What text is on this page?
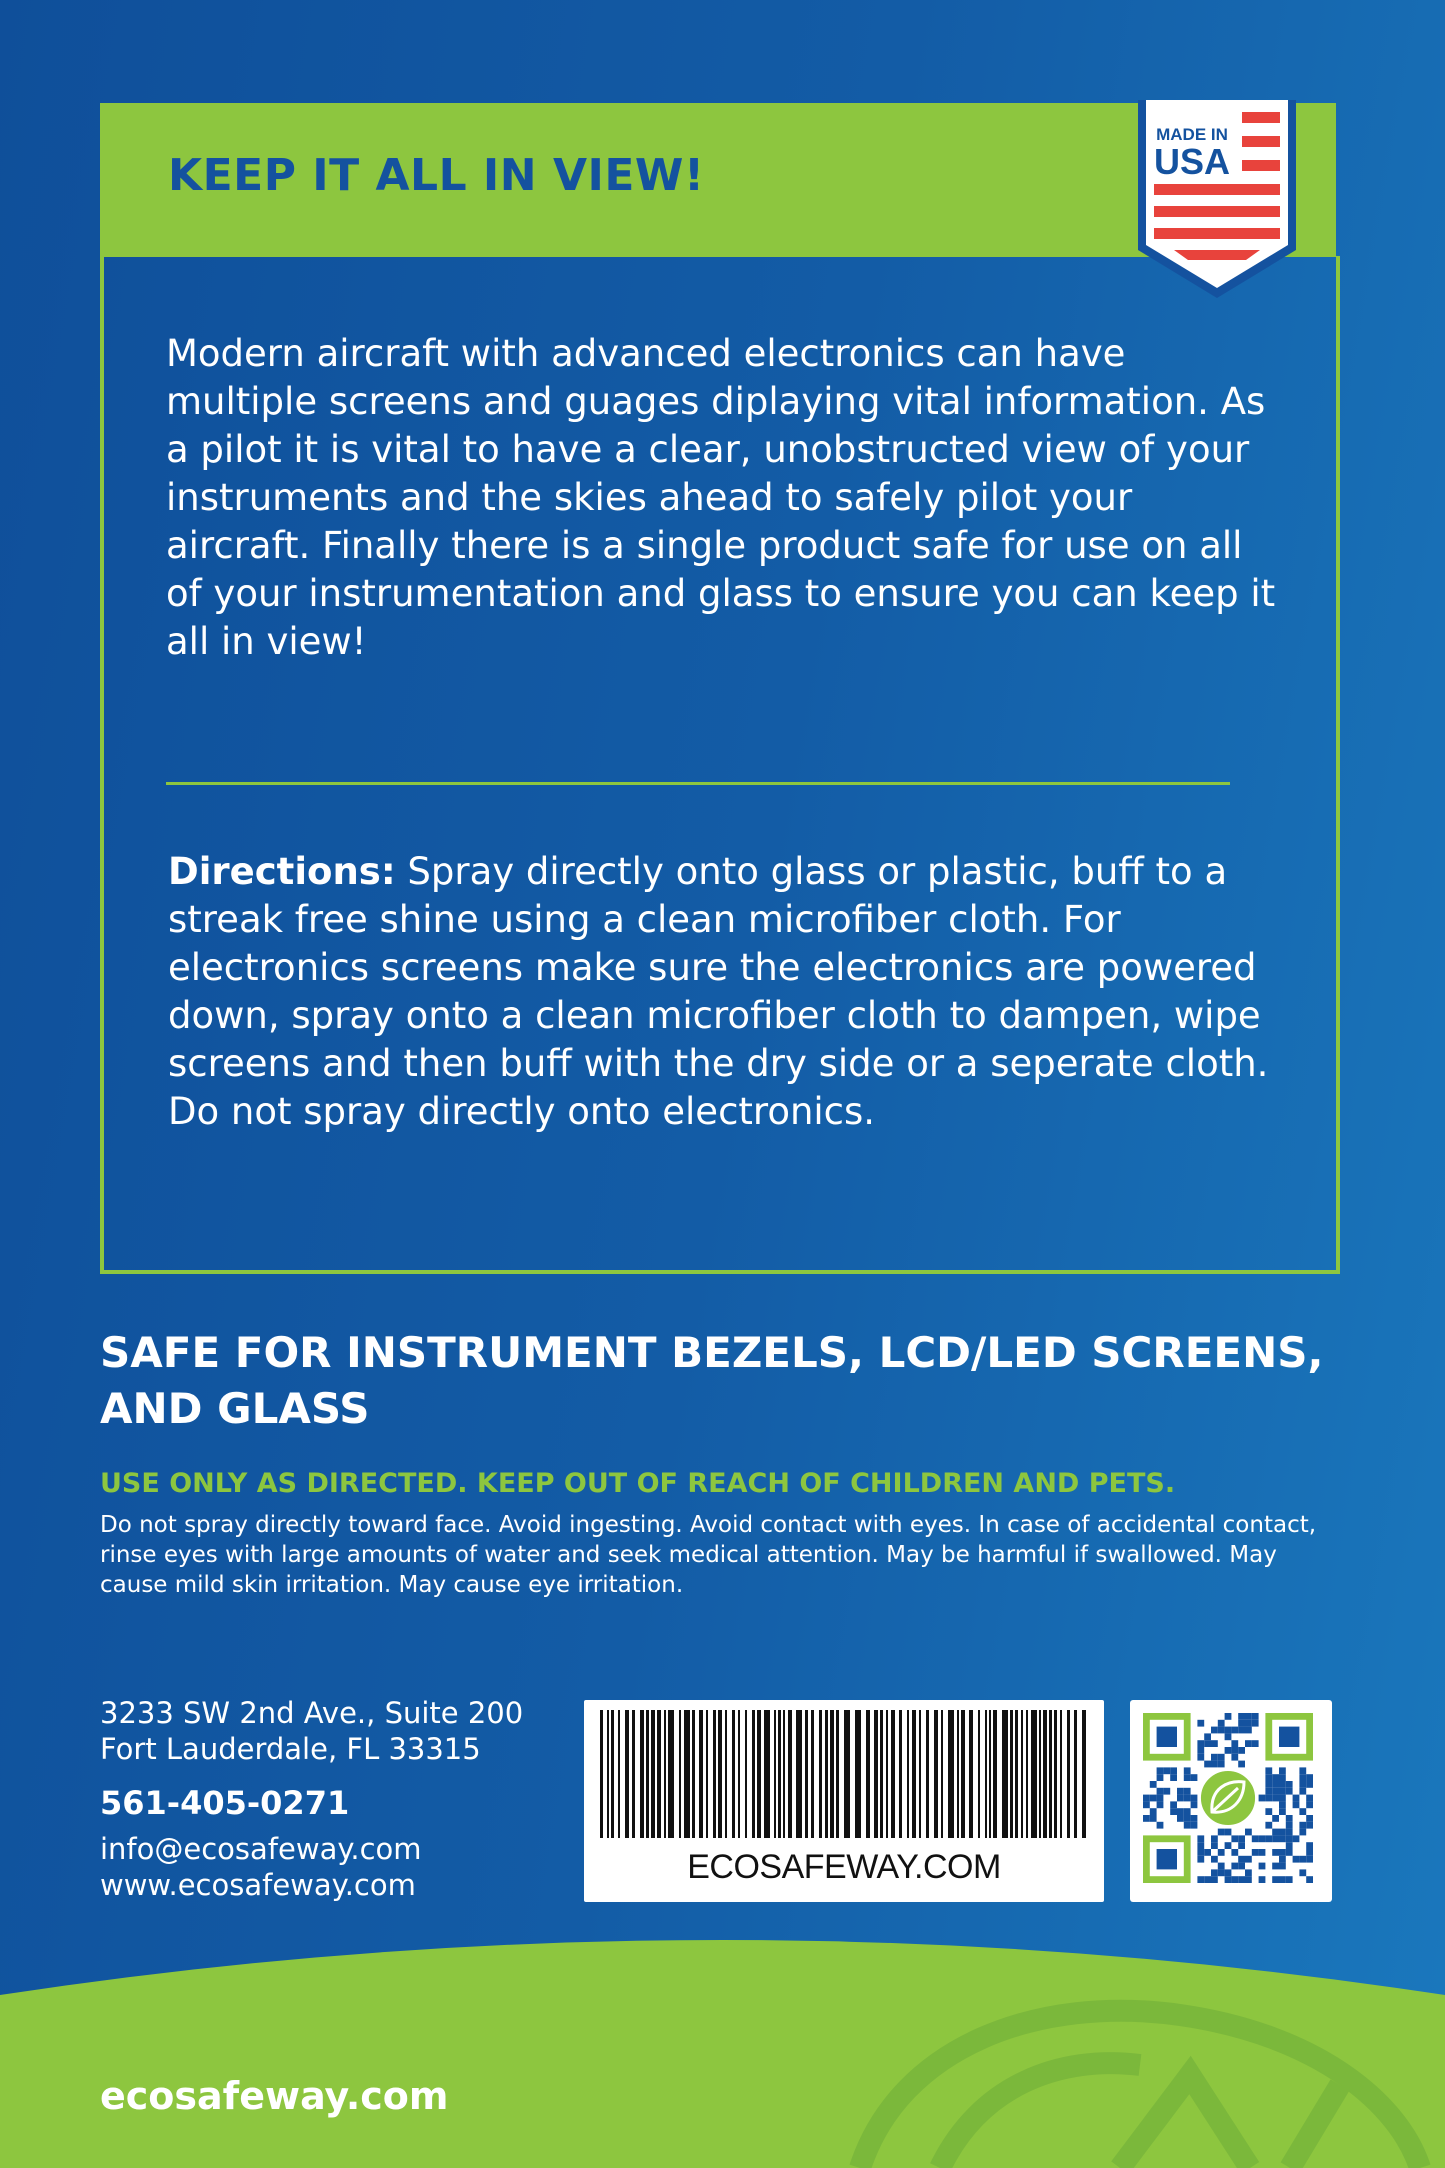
KEEP IT ALL IN VIEW!
MADE IN
USA

Modern aircraft with advanced electronics can have multiple screens and guages diplaying vital information. As a pilot it is vital to have a clear, unobstructed view of your instruments and the skies ahead to safely pilot your aircraft. Finally there is a single product safe for use on all of your instrumentation and glass to ensure you can keep it all in view!

Directions: Spray directly onto glass or plastic, buff to a streak free shine using a clean microfiber cloth. For electronics screens make sure the electronics are powered down, spray onto a clean microfiber cloth to dampen, wipe screens and then buff with the dry side or a seperate cloth. Do not spray directly onto electronics.

SAFE FOR INSTRUMENT BEZELS, LCD/LED SCREENS, AND GLASS

USE ONLY AS DIRECTED. KEEP OUT OF REACH OF CHILDREN AND PETS.

Do not spray directly toward face. Avoid ingesting. Avoid contact with eyes. In case of accidental contact, rinse eyes with large amounts of water and seek medical attention. May be harmful if swallowed. May cause mild skin irritation. May cause eye irritation.

3233 SW 2nd Ave., Suite 200
Fort Lauderdale, FL 33315
561-405-0271
info@ecosafeway.com
www.ecosafeway.com	ECOSAFEWAY.COM

ecosafeway.com
